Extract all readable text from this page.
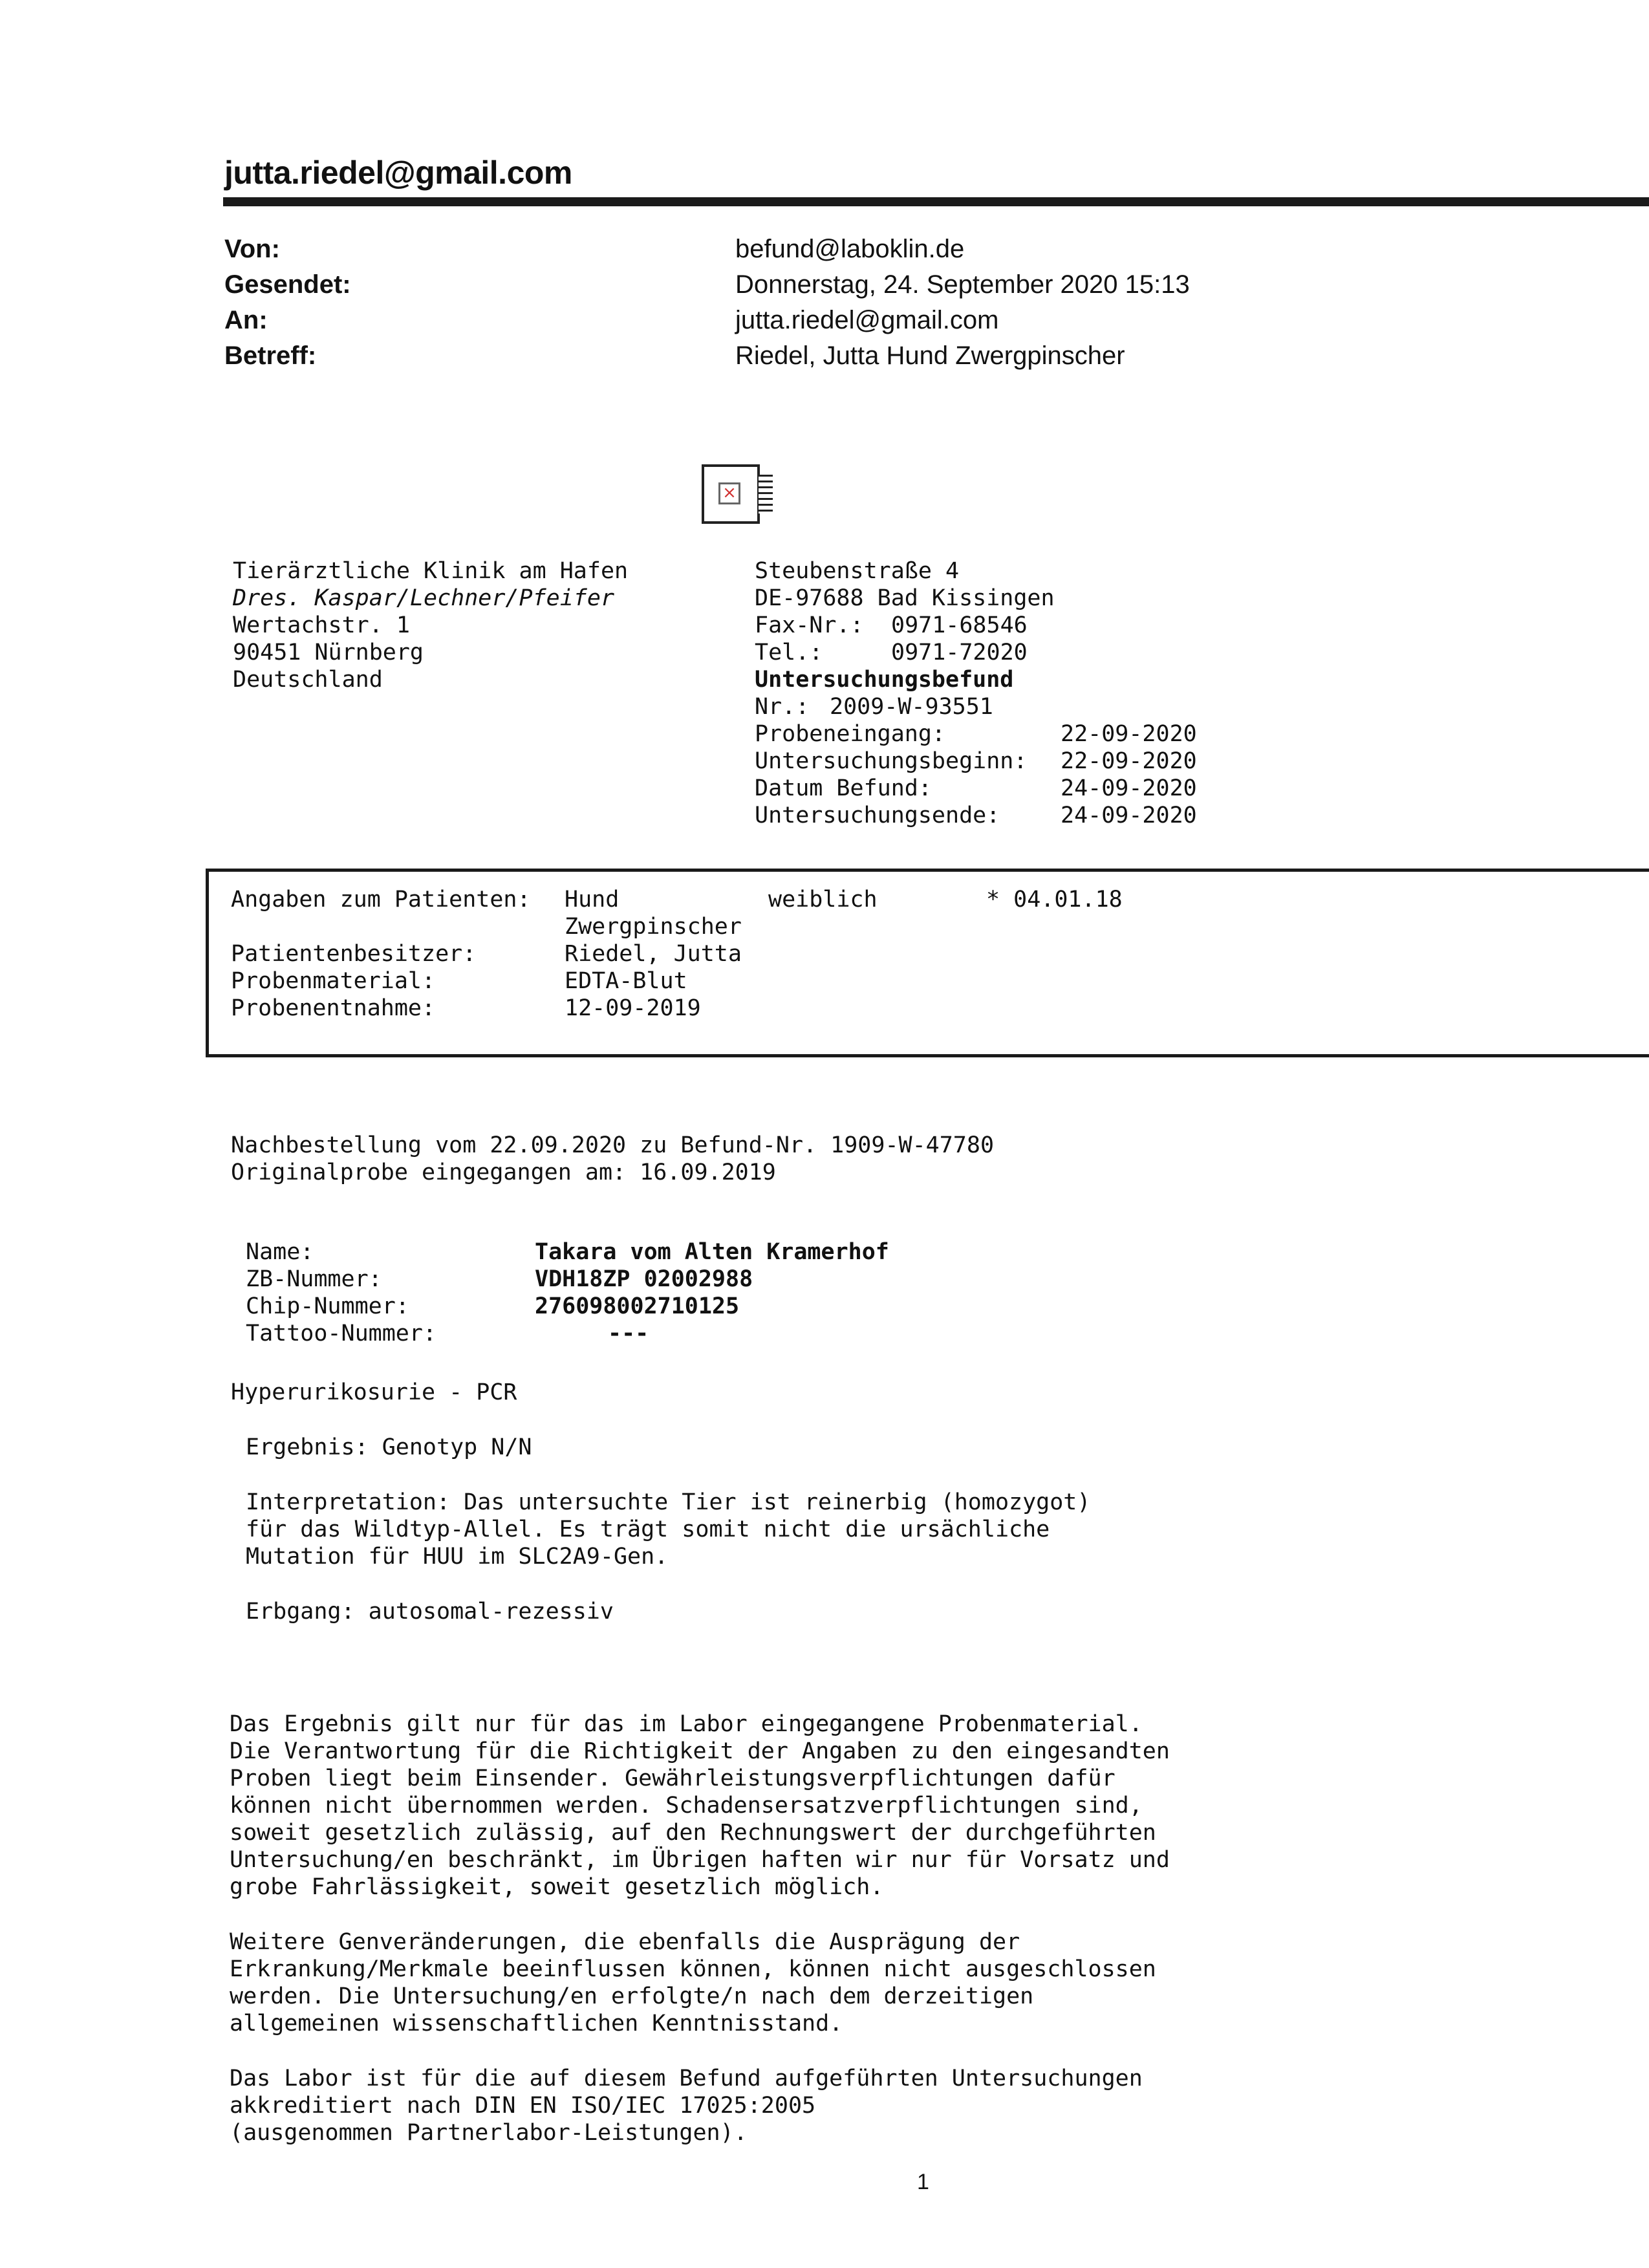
jutta.riedel@gmail.com
Von:	befund@laboklin.de
Gesendet:	Donnerstag, 24. September 2020 15:13
An:	jutta.riedel@gmail.com
Betreff:	Riedel, Jutta Hund Zwergpinscher
×
Tierärztliche Klinik am Hafen
Dres. Kaspar/Lechner/Pfeifer
Wertachstr. 1
90451 Nürnberg
Deutschland
Steubenstraße 4
DE-97688 Bad Kissingen
Fax-Nr.: 0971-68546
Tel.:	0971-72020
Untersuchungsbefund
Nr.: 2009-W-93551
Probeneingang:	22-09-2020
Untersuchungsbeginn: 22-09-2020
Datum Befund:	24-09-2020
Untersuchungsende:	24-09-2020
Angaben zum Patienten: Hund	weiblich	* 04.01.18
Zwergpinscher
Patientenbesitzer:	Riedel, Jutta
Probenmaterial:	EDTA-Blut
Probenentnahme:	12-09-2019
Nachbestellung vom 22.09.2020 zu Befund-Nr. 1909-W-47780
Originalprobe eingegangen am: 16.09.2019
Name:	Takara vom Alten Kramerhof
ZB-Nummer:	VDH18ZP 02002988
Chip-Nummer:	276098002710125
Tattoo-Nummer:	---
Hyperurikosurie - PCR
Ergebnis: Genotyp N/N
Interpretation: Das untersuchte Tier ist reinerbig (homozygot)
für das Wildtyp-Allel. Es trägt somit nicht die ursächliche
Mutation für HUU im SLC2A9-Gen.
Erbgang: autosomal-rezessiv
Das Ergebnis gilt nur für das im Labor eingegangene Probenmaterial.
Die Verantwortung für die Richtigkeit der Angaben zu den eingesandten
Proben liegt beim Einsender. Gewährleistungsverpflichtungen dafür
können nicht übernommen werden. Schadensersatzverpflichtungen sind,
soweit gesetzlich zulässig, auf den Rechnungswert der durchgeführten
Untersuchung/en beschränkt, im Übrigen haften wir nur für Vorsatz und
grobe Fahrlässigkeit, soweit gesetzlich möglich.
Weitere Genveränderungen, die ebenfalls die Ausprägung der
Erkrankung/Merkmale beeinflussen können, können nicht ausgeschlossen
werden. Die Untersuchung/en erfolgte/n nach dem derzeitigen
allgemeinen wissenschaftlichen Kenntnisstand.
Das Labor ist für die auf diesem Befund aufgeführten Untersuchungen
akkreditiert nach DIN EN ISO/IEC 17025:2005
(ausgenommen Partnerlabor-Leistungen).
1
